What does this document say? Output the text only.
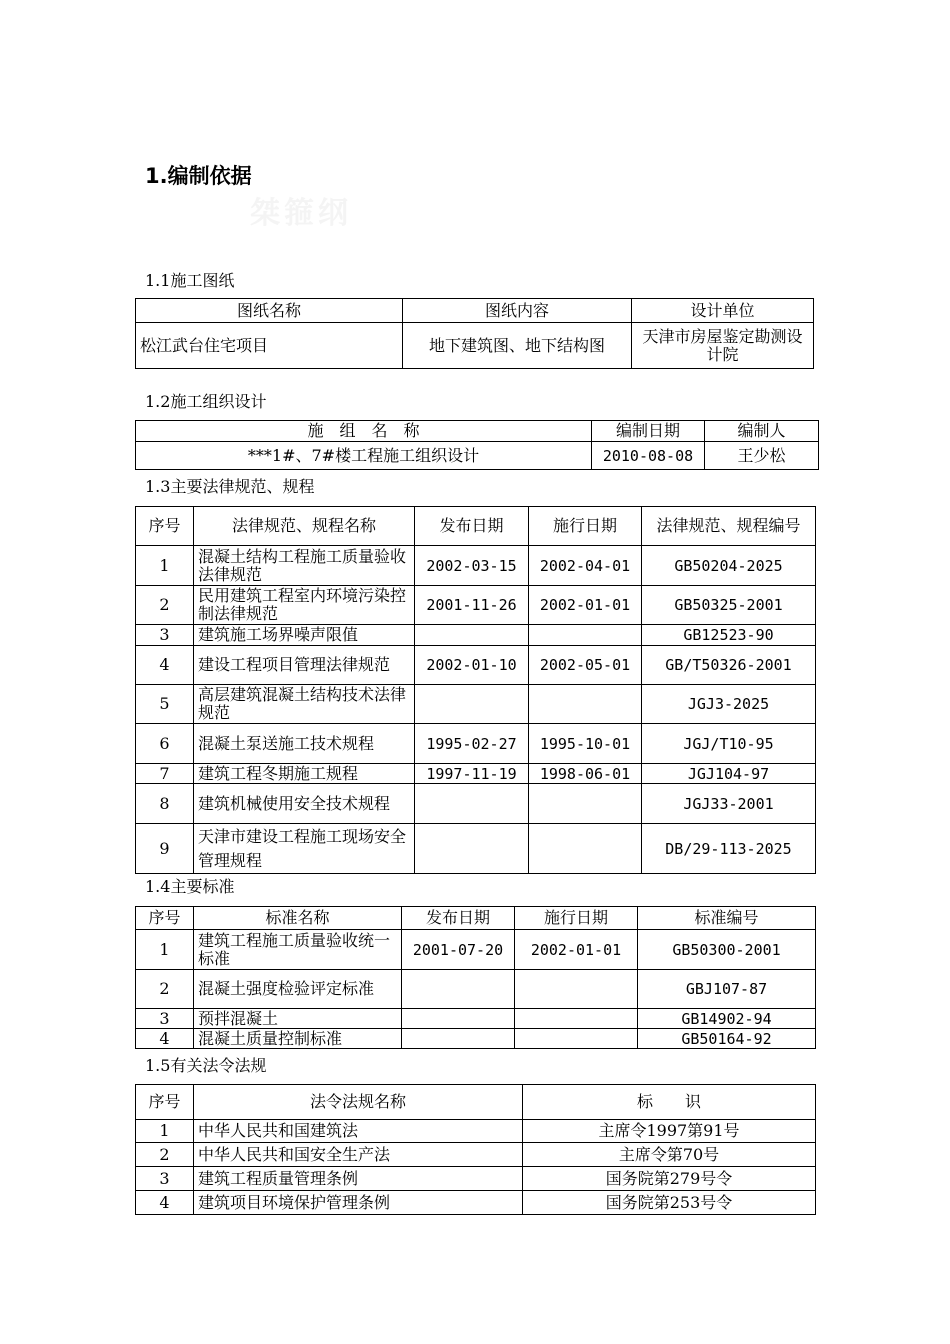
1.编制依据
桀箍纲
1.1施工图纸
图纸名称	图纸内容	设计单位
松江武台住宅项目	地下建筑图、地下结构图	天津市房屋鉴定勘测设计院
1.2施工组织设计
施　组　名　称	编制日期	编制人
***1#、7#楼工程施工组织设计	2010-08-08	王少松
1.3主要法律规范、规程
序号	法律规范、规程名称	发布日期	施行日期	法律规范、规程编号
1	混凝土结构工程施工质量验收法律规范	2002-03-15	2002-04-01	GB50204-2025
2	民用建筑工程室内环境污染控制法律规范	2001-11-26	2002-01-01	GB50325-2001
3	建筑施工场界噪声限值			GB12523-90
4	建设工程项目管理法律规范	2002-01-10	2002-05-01	GB/T50326-2001
5	高层建筑混凝土结构技术法律规范			JGJ3-2025
6	混凝土泵送施工技术规程	1995-02-27	1995-10-01	JGJ/T10-95
7	建筑工程冬期施工规程	1997-11-19	1998-06-01	JGJ104-97
8	建筑机械使用安全技术规程			JGJ33-2001
9	天津市建设工程施工现场安全管理规程			DB/29-113-2025
1.4主要标准
序号	标准名称	发布日期	施行日期	标准编号
1	建筑工程施工质量验收统一标准	2001-07-20	2002-01-01	GB50300-2001
2	混凝土强度检验评定标准			GBJ107-87
3	预拌混凝土			GB14902-94
4	混凝土质量控制标准			GB50164-92
1.5有关法令法规
序号	法令法规名称	标　　识
1	中华人民共和国建筑法	主席令1997第91号
2	中华人民共和国安全生产法	主席令第70号
3	建筑工程质量管理条例	国务院第279号令
4	建筑项目环境保护管理条例	国务院第253号令
